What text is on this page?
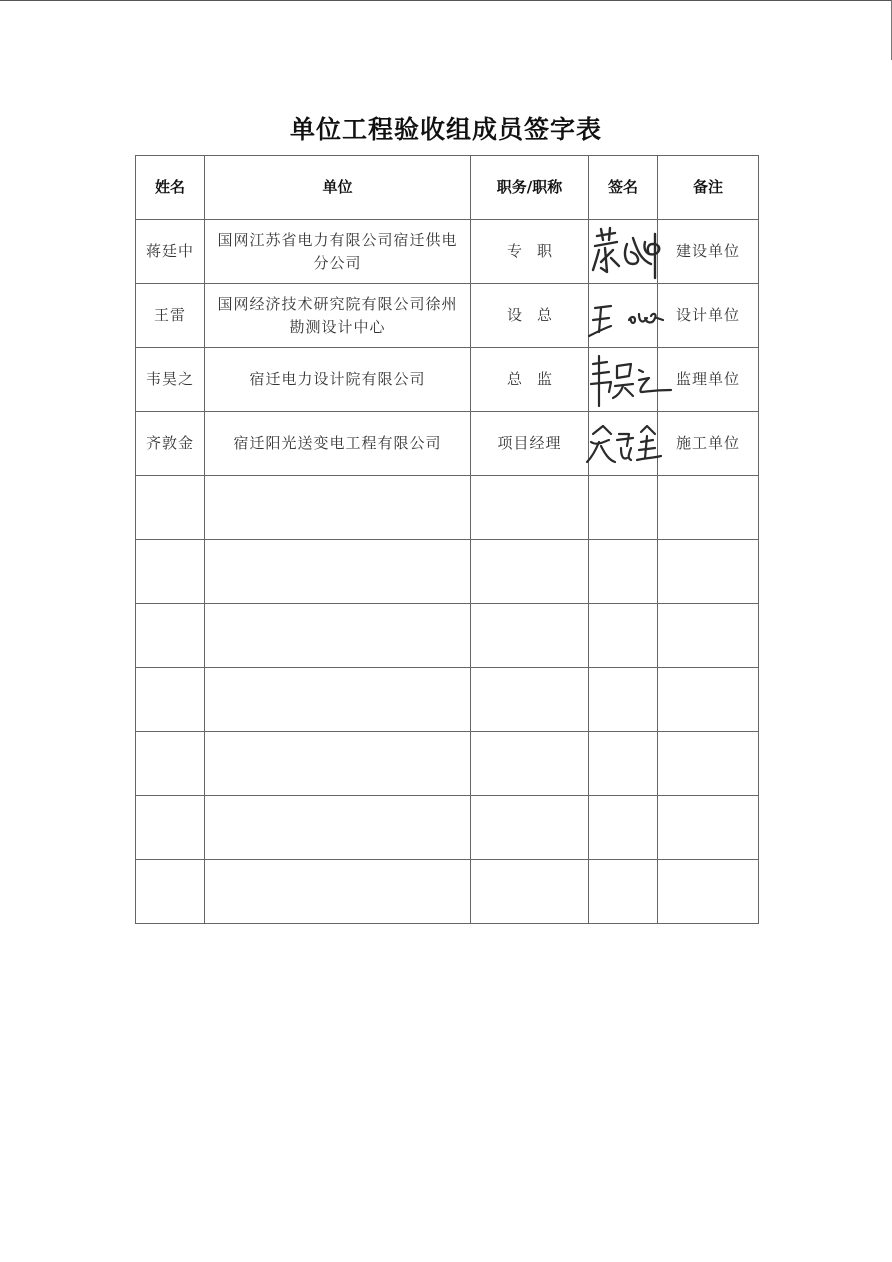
单位工程验收组成员签字表
姓名	单位	职务/职称	签名	备注
蒋廷中	国网江苏省电力有限公司宿迁供电分公司	专　职		建设单位
王雷	国网经济技术研究院有限公司徐州勘测设计中心	设　总		设计单位
韦昊之	宿迁电力设计院有限公司	总　监		监理单位
齐敦金	宿迁阳光送变电工程有限公司	项目经理		施工单位
